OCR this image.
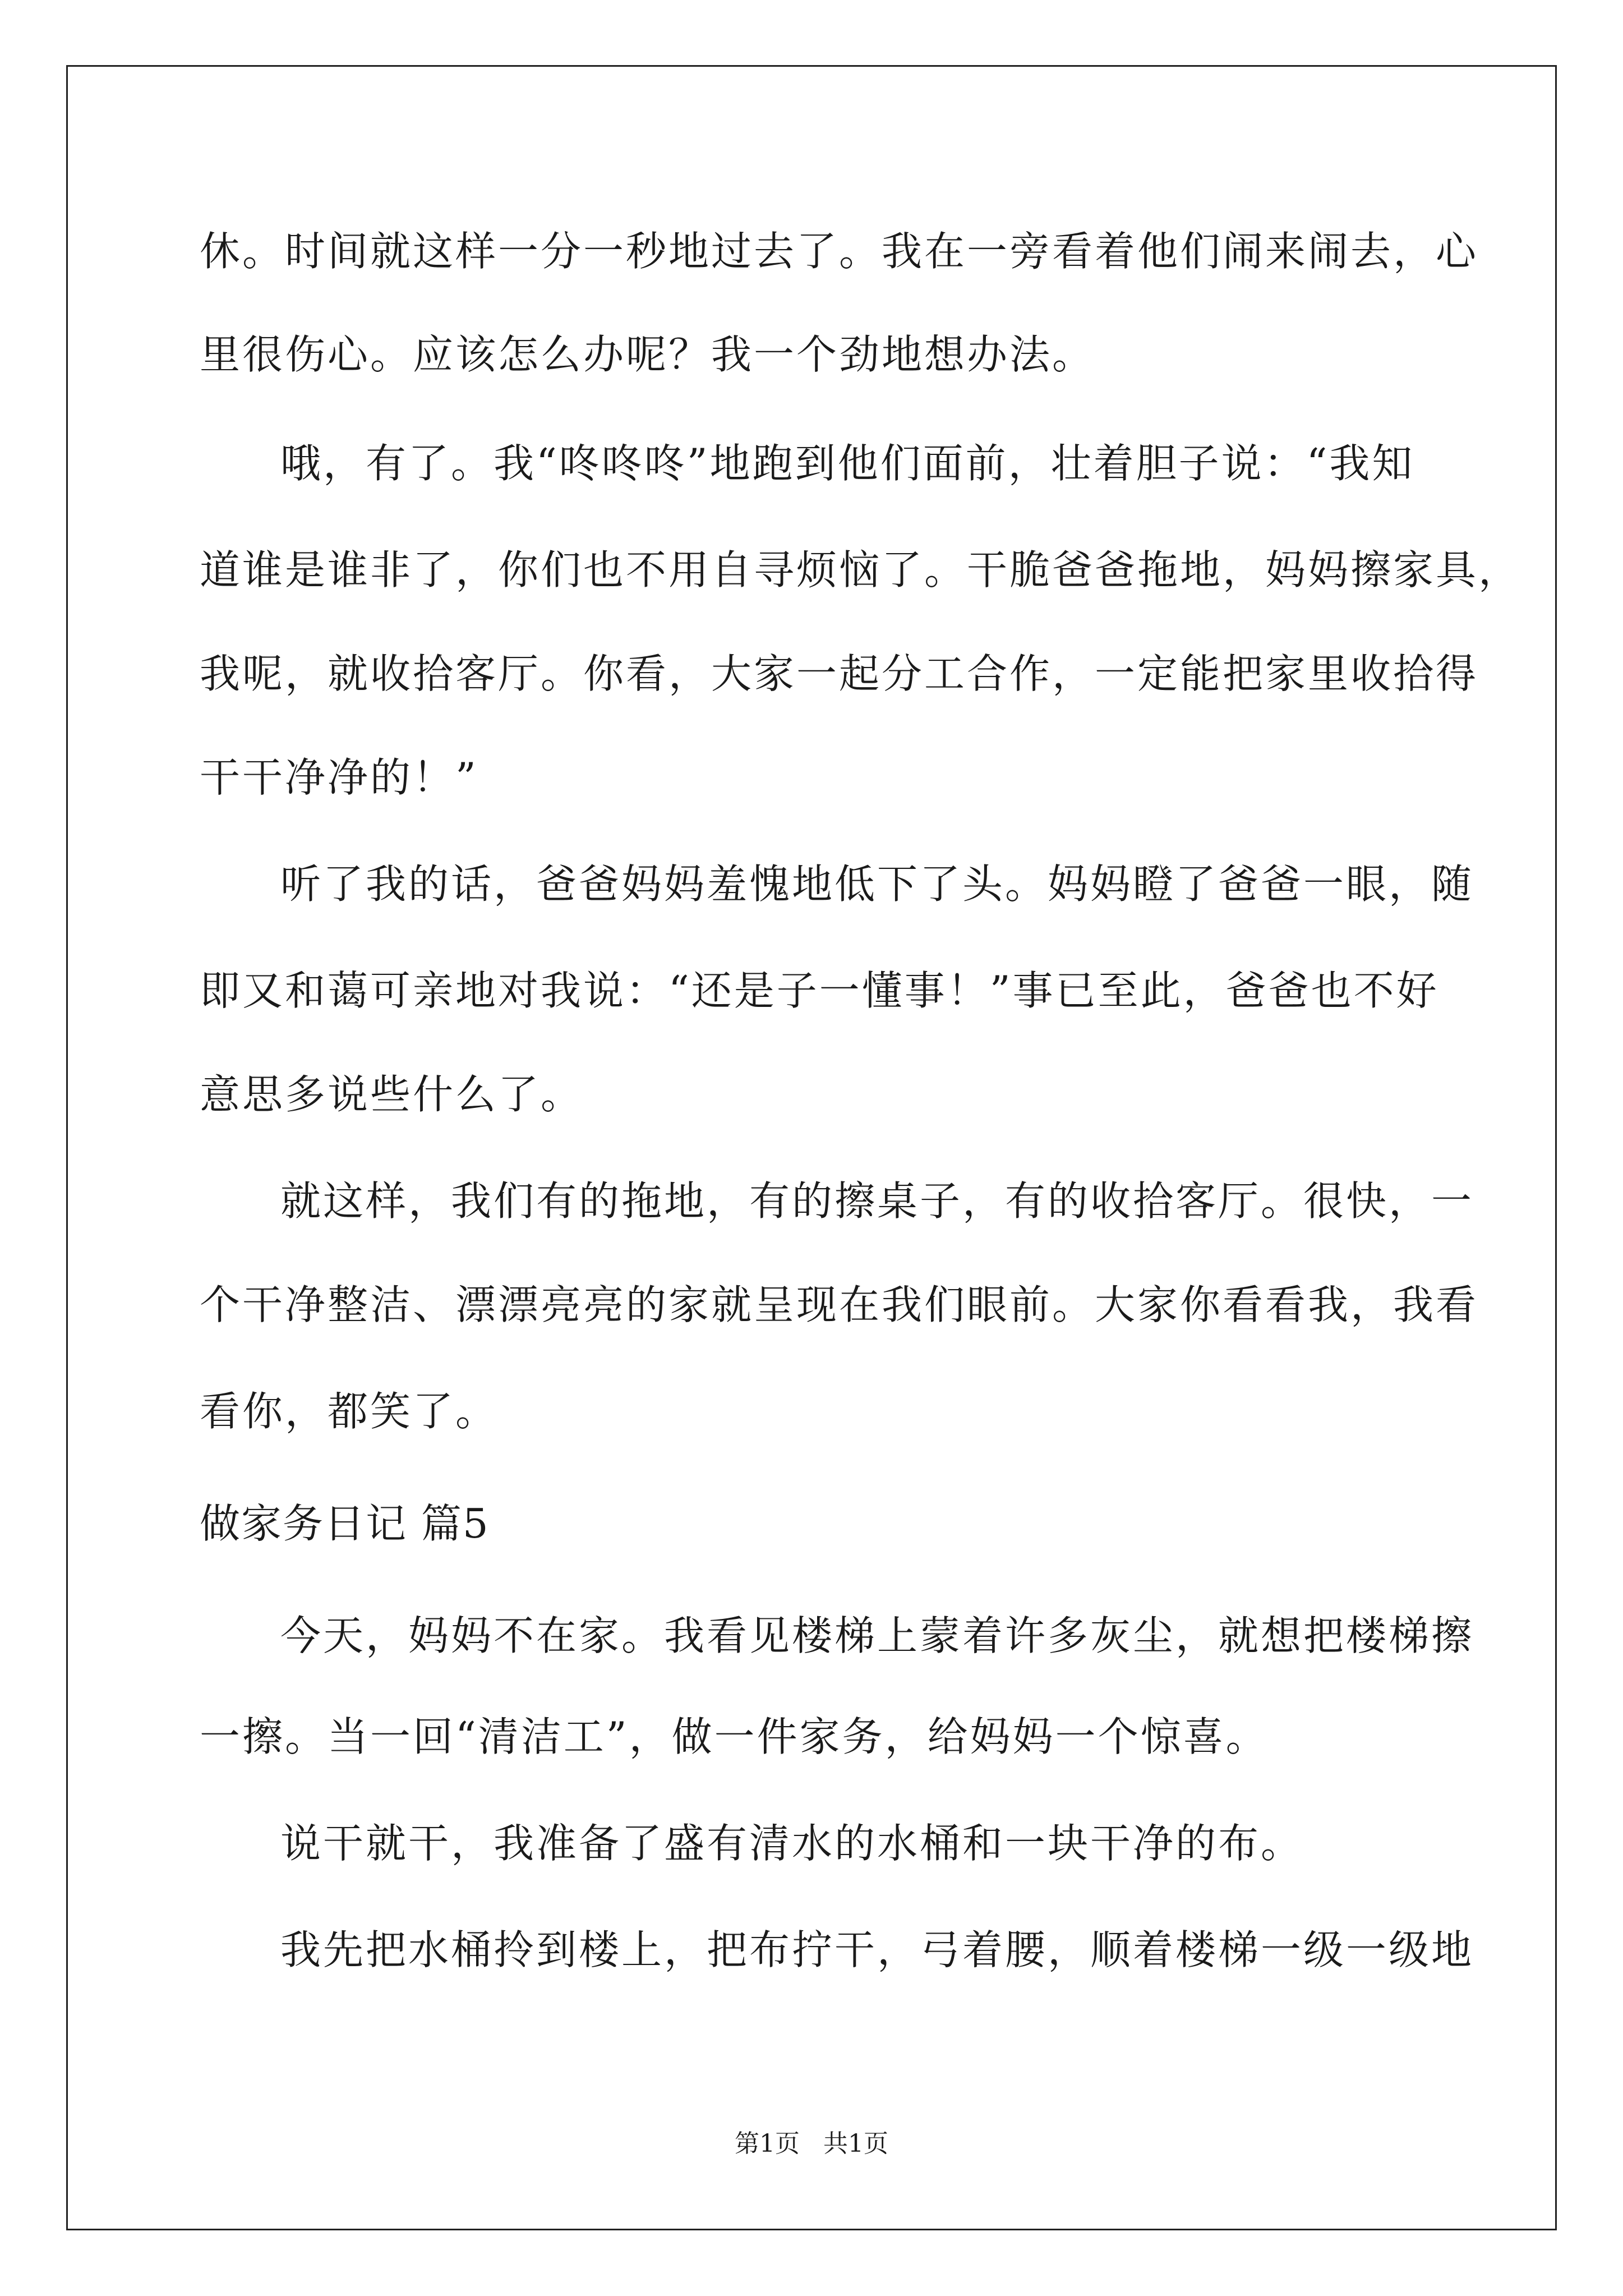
休。时间就这样一分一秒地过去了。我在一旁看着他们闹来闹去，心
里很伤心。应该怎么办呢？我一个劲地想办法。
哦，有了。我“咚咚咚”地跑到他们面前，壮着胆子说：“我知
道谁是谁非了，你们也不用自寻烦恼了。干脆爸爸拖地，妈妈擦家具，
我呢，就收拾客厅。你看，大家一起分工合作，一定能把家里收拾得
干干净净的！”
听了我的话，爸爸妈妈羞愧地低下了头。妈妈瞪了爸爸一眼，随
即又和蔼可亲地对我说：“还是子一懂事！”事已至此，爸爸也不好
意思多说些什么了。
就这样，我们有的拖地，有的擦桌子，有的收拾客厅。很快，一
个干净整洁、漂漂亮亮的家就呈现在我们眼前。大家你看看我，我看
看你，都笑了。
做家务日记 篇5
今天，妈妈不在家。我看见楼梯上蒙着许多灰尘，就想把楼梯擦
一擦。当一回“清洁工”，做一件家务，给妈妈一个惊喜。
说干就干，我准备了盛有清水的水桶和一块干净的布。
我先把水桶拎到楼上，把布拧干，弓着腰，顺着楼梯一级一级地
第1页 共1页
